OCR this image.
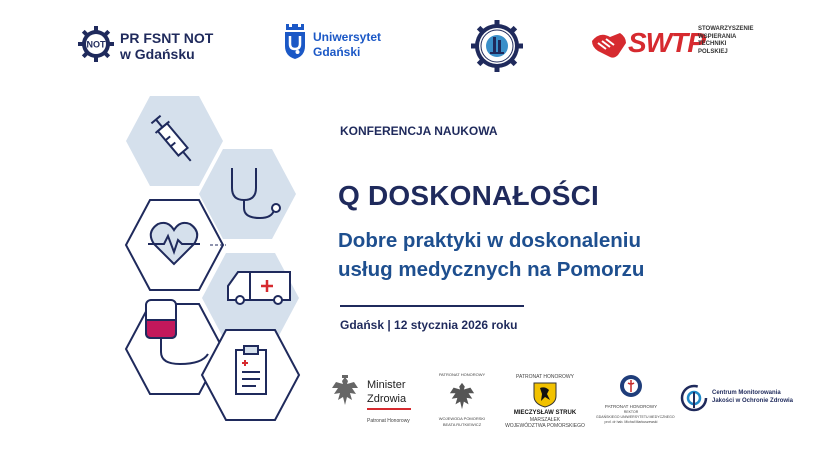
NOT PR FSNT NOT
w Gdańsku
Uniwersytet
Gdański	SWTP
STOWARZYSZENIE
WSPIERANIA
TECHNIKI
POLSKIEJ
KONFERENCJA NAUKOWA
Q DOSKONAŁOŚCI
Dobre praktyki w doskonaleniu
usług medycznych na Pomorzu
Gdańsk | 12 stycznia 2026 roku
Minister
Zdrowia
Patronat Honorowy
PATRONAT HONOROWY
WOJEWODA POMORSKI
BEATA RUTKIEWICZ
PATRONAT HONOROWY
MIECZYSŁAW STRUK
MARSZAŁEK
WOJEWÓDZTWA POMORSKIEGO
PATRONAT HONOROWY
REKTOR
GDAŃSKIEGO UNIWERSYTETU MEDYCZNEGO
prof. dr hab. Michał Markuszewski
Centrum Monitorowania
Jakości w Ochronie Zdrowia
